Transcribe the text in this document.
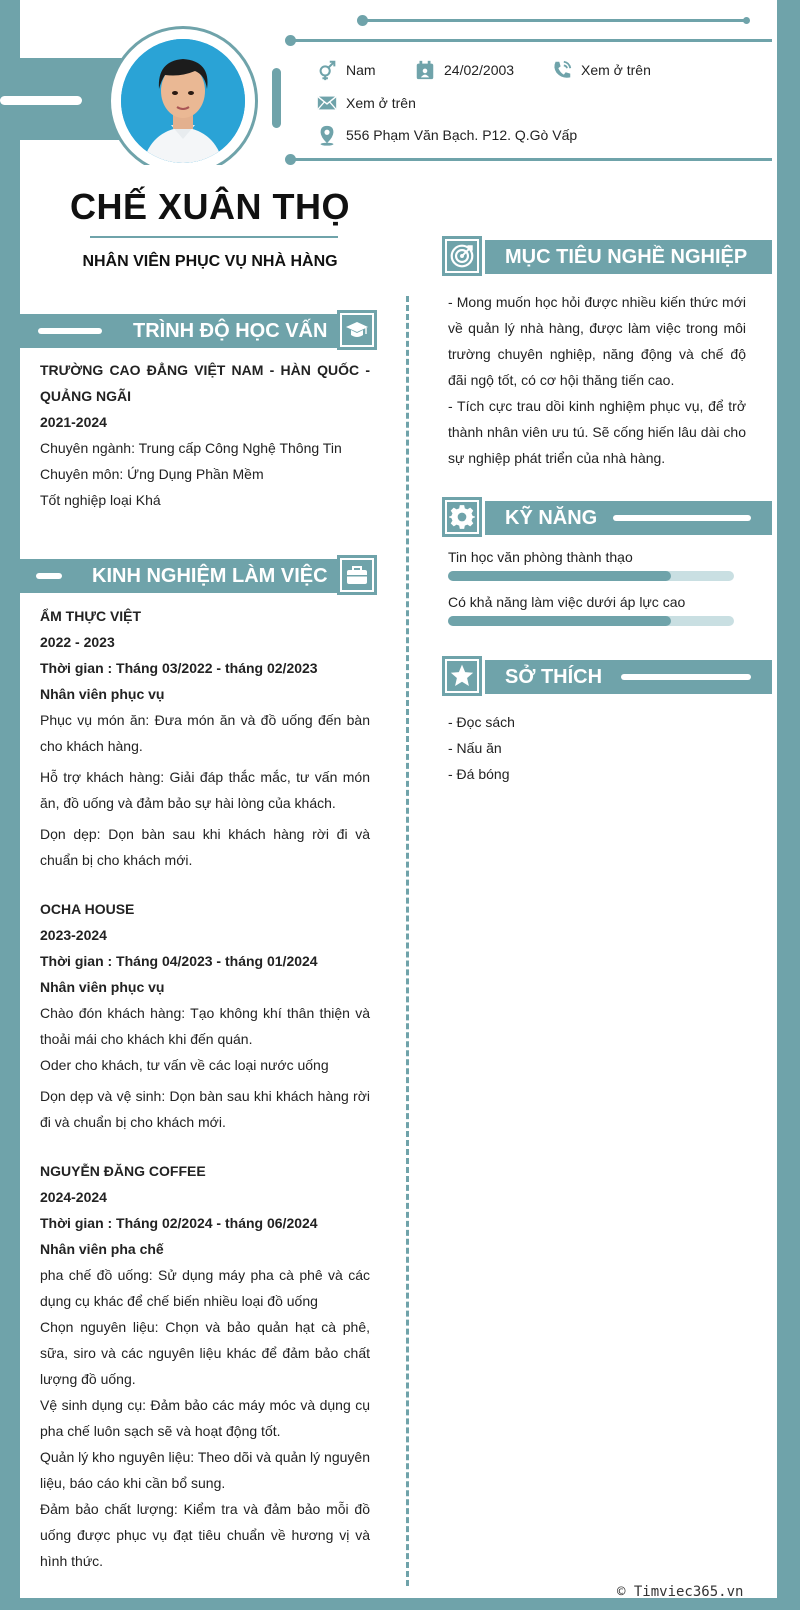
Nam	24/02/2003	Xem ở trên
Xem ở trên
556 Phạm Văn Bạch. P12. Q.Gò Vấp
CHẾ XUÂN THỌ
NHÂN VIÊN PHỤC VỤ NHÀ HÀNG
TRÌNH ĐỘ HỌC VẤN

TRƯỜNG CAO ĐẲNG VIỆT NAM - HÀN QUỐC - QUẢNG NGÃI

2021-2024

Chuyên ngành: Trung cấp Công Nghệ Thông Tin

Chuyên môn: Ứng Dụng Phần Mềm

Tốt nghiệp loại Khá

KINH NGHIỆM LÀM VIỆC

ẨM THỰC VIỆT

2022 - 2023

Thời gian : Tháng 03/2022 - tháng 02/2023

Nhân viên phục vụ

Phục vụ món ăn: Đưa món ăn và đồ uống đến bàn cho khách hàng.

Hỗ trợ khách hàng: Giải đáp thắc mắc, tư vấn món ăn, đồ uống và đảm bảo sự hài lòng của khách.

Dọn dẹp: Dọn bàn sau khi khách hàng rời đi và chuẩn bị cho khách mới.

OCHA HOUSE

2023-2024

Thời gian : Tháng 04/2023 - tháng 01/2024

Nhân viên phục vụ

Chào đón khách hàng: Tạo không khí thân thiện và thoải mái cho khách khi đến quán.

Oder cho khách, tư vấn về các loại nước uống

Dọn dẹp và vệ sinh: Dọn bàn sau khi khách hàng rời đi và chuẩn bị cho khách mới.

NGUYỄN ĐĂNG COFFEE

2024-2024

Thời gian : Tháng 02/2024 - tháng 06/2024

Nhân viên pha chế

pha chế đồ uống: Sử dụng máy pha cà phê và các dụng cụ khác để chế biến nhiều loại đồ uống

Chọn nguyên liệu: Chọn và bảo quản hạt cà phê, sữa, siro và các nguyên liệu khác để đảm bảo chất lượng đồ uống.

Vệ sinh dụng cụ: Đảm bảo các máy móc và dụng cụ pha chế luôn sạch sẽ và hoạt động tốt.

Quản lý kho nguyên liệu: Theo dõi và quản lý nguyên liệu, báo cáo khi cần bổ sung.

Đảm bảo chất lượng: Kiểm tra và đảm bảo mỗi đồ uống được phục vụ đạt tiêu chuẩn về hương vị và hình thức.

MỤC TIÊU NGHỀ NGHIỆP

- Mong muốn học hỏi được nhiều kiến thức mới về quản lý nhà hàng, được làm việc trong môi trường chuyên nghiệp, năng động và chế độ đãi ngộ tốt, có cơ hội thăng tiến cao.

- Tích cực trau dồi kinh nghiệm phục vụ, để trở thành nhân viên ưu tú. Sẽ cống hiến lâu dài cho sự nghiệp phát triển của nhà hàng.

KỸ NĂNG
Tin học văn phòng thành thạo
Có khả năng làm việc dưới áp lực cao
SỞ THÍCH

- Đọc sách

- Nấu ăn

- Đá bóng

© Timviec365.vn
